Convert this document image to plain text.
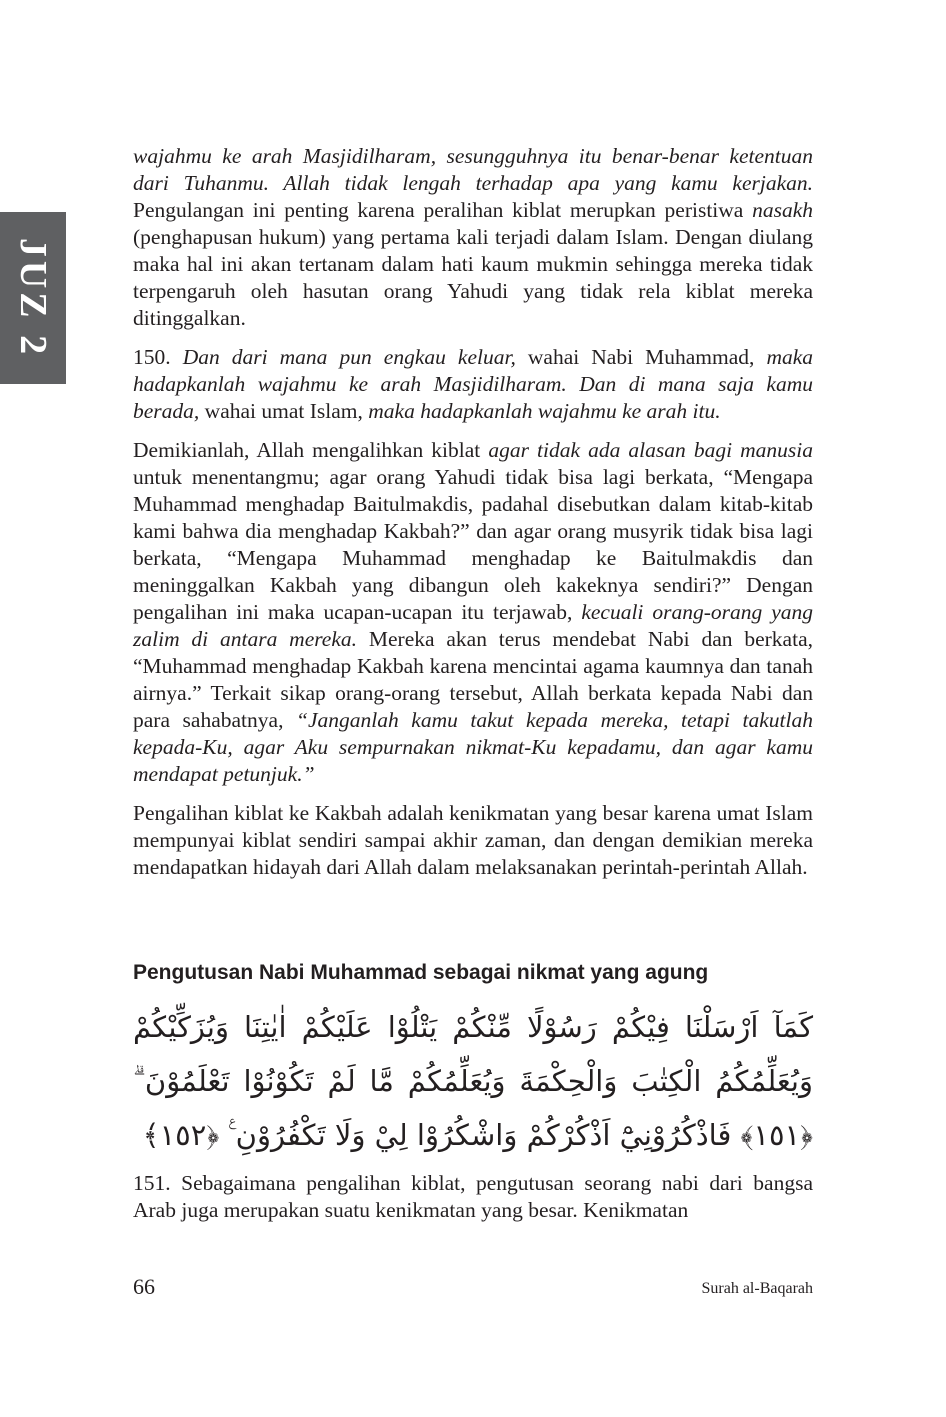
JUZ 2

wajahmu ke arah Masjidilharam, sesungguhnya itu benar-benar ketentuan dari Tuhanmu. Allah tidak lengah terhadap apa yang kamu kerjakan. Pengulangan ini penting karena peralihan kiblat merupkan peristiwa nasakh (penghapusan hukum) yang pertama kali terjadi dalam Islam. Dengan diulang maka hal ini akan tertanam dalam hati kaum mukmin sehingga mereka tidak terpengaruh oleh hasutan orang Yahudi yang tidak rela kiblat mereka ditinggalkan.

150. Dan dari mana pun engkau keluar, wahai Nabi Muhammad, maka hadapkanlah wajahmu ke arah Masjidilharam. Dan di mana saja kamu berada, wahai umat Islam, maka hadapkanlah wajahmu ke arah itu.

Demikianlah, Allah mengalihkan kiblat agar tidak ada alasan bagi manusia untuk menentangmu; agar orang Yahudi tidak bisa lagi berkata, “Mengapa Muhammad menghadap Baitulmakdis, padahal disebutkan dalam kitab-kitab kami bahwa dia menghadap Kakbah?” dan agar orang musyrik tidak bisa lagi berkata, “Mengapa Muhammad menghadap ke Baitulmakdis dan meninggalkan Kakbah yang dibangun oleh kakeknya sendiri?” Dengan pengalihan ini maka ucapan-ucapan itu terjawab, kecuali orang-orang yang zalim di antara mereka. Mereka akan terus mendebat Nabi dan berkata, “Muhammad menghadap Kakbah karena mencintai agama kaumnya dan tanah airnya.” Terkait sikap orang-orang tersebut, Allah berkata kepada Nabi dan para sahabatnya, “Janganlah kamu takut kepada mereka, tetapi takutlah kepada-Ku, agar Aku sempurnakan nikmat-Ku kepadamu, dan agar kamu mendapat petunjuk.”

Pengalihan kiblat ke Kakbah adalah kenikmatan yang besar karena umat Islam mempunyai kiblat sendiri sampai akhir zaman, dan dengan demikian mereka mendapatkan hidayah dari Allah dalam melaksanakan perintah-perintah Allah.

Pengutusan Nabi Muhammad sebagai nikmat yang agung
كَمَآ اَرْسَلْنَا فِيْكُمْ رَسُوْلًا مِّنْكُمْ يَتْلُوْا عَلَيْكُمْ اٰيٰتِنَا وَيُزَكِّيْكُمْ وَيُعَلِّمُكُمُ الْكِتٰبَ وَالْحِكْمَةَ وَيُعَلِّمُكُمْ مَّا لَمْ تَكُوْنُوْا تَعْلَمُوْنَ ۗ ﴿١٥١﴾ فَاذْكُرُوْنِيْٓ اَذْكُرْكُمْ وَاشْكُرُوْا لِيْ وَلَا تَكْفُرُوْنِ ࣖ ﴿١٥٢﴾

151. Sebagaimana pengalihan kiblat, pengutusan seorang nabi dari bangsa Arab juga merupakan suatu kenikmatan yang besar. Kenikmatan

66	Surah al-Baqarah
